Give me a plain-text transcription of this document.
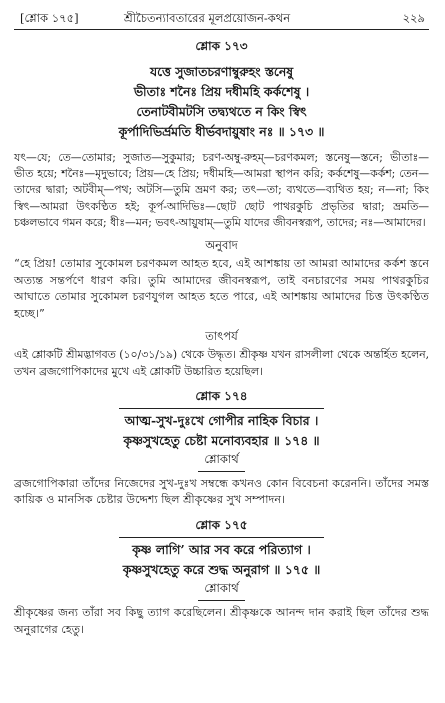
[শ্লোক ১৭৫]	শ্রীচৈতন্যাবতারের মূলপ্রয়োজন-কথন	২২৯
শ্লোক ১৭৩
যত্তে সুজাতচরণাম্বুরুহং স্তনেষু
ভীতাঃ শনৈঃ প্রিয় দধীমহি কর্কশেষু ।
তেনাটবীমটসি তদ্ব্যথতে ন কিং স্বিৎ
কূর্পাদিভির্ভ্রমতি ধীর্ভবদায়ুষাং নঃ ॥ ১৭৩ ॥

যৎ—যে; তে—তোমার; সুজাত—সুকুমার; চরণ-অম্বু-রুহম্—চরণকমল; স্তনেষু—স্তনে; ভীতাঃ—ভীত হয়ে; শনৈঃ—মৃদুভাবে; প্রিয়—হে প্রিয়; দধীমহি—আমরা স্থাপন করি; কর্কশেষু—কর্কশ; তেন—তাদের দ্বারা; অটবীম্—পথ; অটসি—তুমি ভ্রমণ কর; তৎ—তা; ব্যথতে—ব্যথিত হয়; ন—না; কিং স্বিৎ—আমরা উৎকণ্ঠিত হই; কূর্প-আদিভিঃ—ছোট ছোট পাথরকুচি প্রভৃতির দ্বারা; ভ্রমতি—চঞ্চলভাবে গমন করে; ধীঃ—মন; ভবৎ-আয়ুষাম্—তুমি যাদের জীবনস্বরূপ, তাদের; নঃ—আমাদের।

অনুবাদ

“হে প্রিয়! তোমার সুকোমল চরণকমল আহত হবে, এই আশঙ্কায় তা আমরা আমাদের কর্কশ স্তনে অত্যন্ত সন্তর্পণে ধারণ করি। তুমি আমাদের জীবনস্বরূপ, তাই বনচারণের সময় পাথরকুচির আঘাতে তোমার সুকোমল চরণযুগল আহত হতে পারে, এই আশঙ্কায় আমাদের চিত্ত উৎকণ্ঠিত হচ্ছে।”

তাৎপর্য

এই শ্লোকটি শ্রীমদ্ভাগবত (১০/৩১/১৯) থেকে উদ্ধৃত। শ্রীকৃষ্ণ যখন রাসলীলা থেকে অন্তর্হিত হলেন, তখন ব্রজগোপিকাদের মুখে এই শ্লোকটি উচ্চারিত হয়েছিল।

শ্লোক ১৭৪
আত্ম-সুখ-দুঃখে গোপীর নাহিক বিচার ।
কৃষ্ণসুখহেতু চেষ্টা মনোব্যবহার ॥ ১৭৪ ॥
শ্লোকার্থ

ব্রজগোপিকারা তাঁদের নিজেদের সুখ-দুঃখ সম্বন্ধে কখনও কোন বিবেচনা করেননি। তাঁদের সমস্ত কায়িক ও মানসিক চেষ্টার উদ্দেশ্য ছিল শ্রীকৃষ্ণের সুখ সম্পাদন।

শ্লোক ১৭৫
কৃষ্ণ লাগি’ আর সব করে পরিত্যাগ ।
কৃষ্ণসুখহেতু করে শুদ্ধ অনুরাগ ॥ ১৭৫ ॥
শ্লোকার্থ

শ্রীকৃষ্ণের জন্য তাঁরা সব কিছু ত্যাগ করেছিলেন। শ্রীকৃষ্ণকে আনন্দ দান করাই ছিল তাঁদের শুদ্ধ অনুরাগের হেতু।
